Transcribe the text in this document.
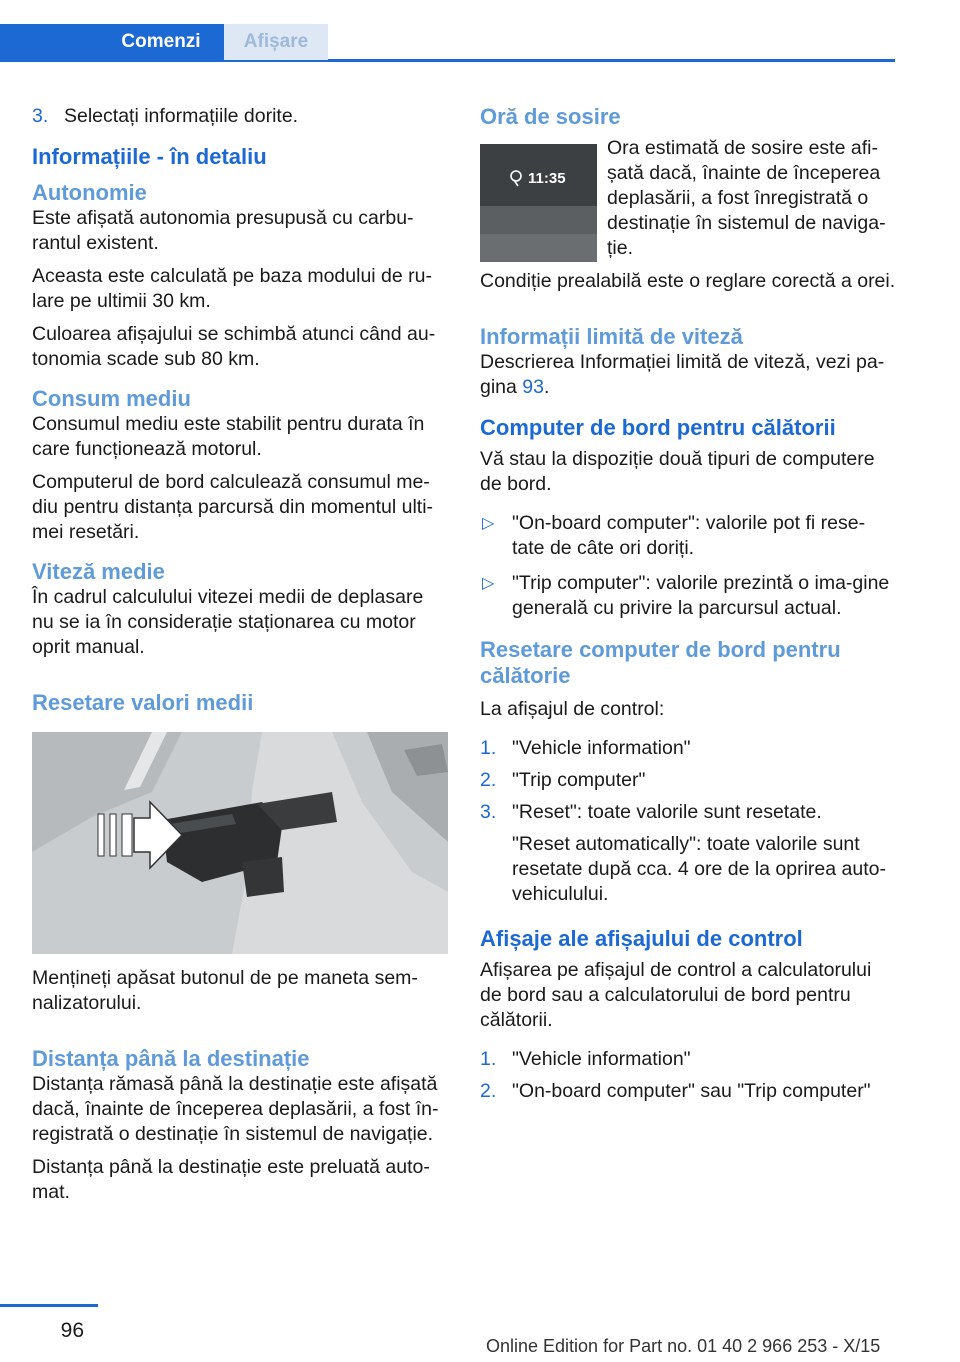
Comenzi	Afișare
3. Selectați informațiile dorite.
Informațiile - în detaliu
Autonomie

Este afișată autonomia presupusă cu carbu-rantul existent.

Aceasta este calculată pe baza modului de ru-lare pe ultimii 30 km.

Culoarea afișajului se schimbă atunci când au-tonomia scade sub 80 km.

Consum mediu

Consumul mediu este stabilit pentru durata în care funcționează motorul.

Computerul de bord calculează consumul me-diu pentru distanța parcursă din momentul ulti-mei resetări.

Viteză medie

În cadrul calculului vitezei medii de deplasare nu se ia în considerație staționarea cu motor oprit manual.

Resetare valori medii

Mențineți apăsat butonul de pe maneta sem-nalizatorului.

Distanța până la destinație

Distanța rămasă până la destinație este afișată dacă, înainte de începerea deplasării, a fost în-registrată o destinație în sistemul de navigație.

Distanța până la destinație este preluată auto-mat.

Oră de sosire
11:35

Ora estimată de sosire este afi-șată dacă, înainte de începerea deplasării, a fost înregistrată o destinație în sistemul de naviga-ție.

Condiție prealabilă este o reglare corectă a orei.

Informații limită de viteză

Descrierea Informației limită de viteză, vezi pa-gina 93.

Computer de bord pentru călătorii

Vă stau la dispoziție două tipuri de computere de bord.

▷ "On-board computer": valorile pot fi rese-tate de câte ori doriți.
▷ "Trip computer": valorile prezintă o ima-gine generală cu privire la parcursul actual.
Resetare computer de bord pentru călătorie

La afișajul de control:

1. "Vehicle information"
2. "Trip computer"
3. "Reset": toate valorile sunt resetate.
"Reset automatically": toate valorile sunt resetate după cca. 4 ore de la oprirea auto-vehiculului.
Afișaje ale afișajului de control

Afișarea pe afișajul de control a calculatorului de bord sau a calculatorului de bord pentru călătorii.

1. "Vehicle information"
2. "On-board computer" sau "Trip computer"
96
Online Edition for Part no. 01 40 2 966 253 - X/15
